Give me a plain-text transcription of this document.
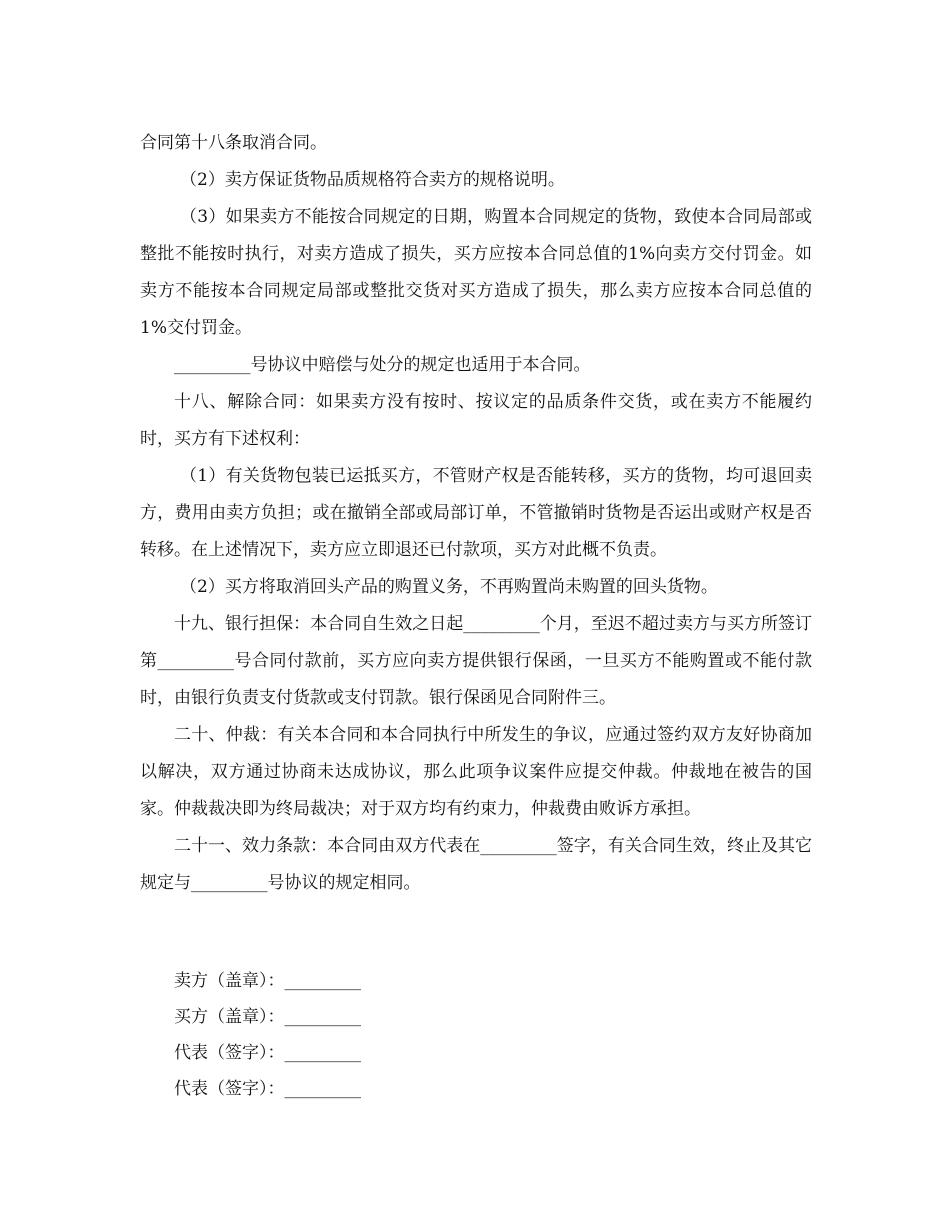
合同第十八条取消合同。

（2）卖方保证货物品质规格符合卖方的规格说明。

（3）如果卖方不能按合同规定的日期，购置本合同规定的货物，致使本合同局部或整批不能按时执行，对卖方造成了损失，买方应按本合同总值的1%向卖方交付罚金。如卖方不能按本合同规定局部或整批交货对买方造成了损失，那么卖方应按本合同总值的1%交付罚金。

_________号协议中赔偿与处分的规定也适用于本合同。

十八、解除合同：如果卖方没有按时、按议定的品质条件交货，或在卖方不能履约时，买方有下述权利：

（1）有关货物包装已运抵买方，不管财产权是否能转移，买方的货物，均可退回卖方，费用由卖方负担；或在撤销全部或局部订单，不管撤销时货物是否运出或财产权是否转移。在上述情况下，卖方应立即退还已付款项，买方对此概不负责。

（2）买方将取消回头产品的购置义务，不再购置尚未购置的回头货物。

十九、银行担保：本合同自生效之日起_________个月，至迟不超过卖方与买方所签订第_________号合同付款前，买方应向卖方提供银行保函，一旦买方不能购置或不能付款时，由银行负责支付货款或支付罚款。银行保函见合同附件三。

二十、仲裁：有关本合同和本合同执行中所发生的争议，应通过签约双方友好协商加以解决，双方通过协商未达成协议，那么此项争议案件应提交仲裁。仲裁地在被告的国家。仲裁裁决即为终局裁决；对于双方均有约束力，仲裁费由败诉方承担。

二十一、效力条款：本合同由双方代表在_________签字，有关合同生效，终止及其它规定与_________号协议的规定相同。

卖方（盖章）：_________

买方（盖章）：_________

代表（签字）：_________

代表（签字）：_________
